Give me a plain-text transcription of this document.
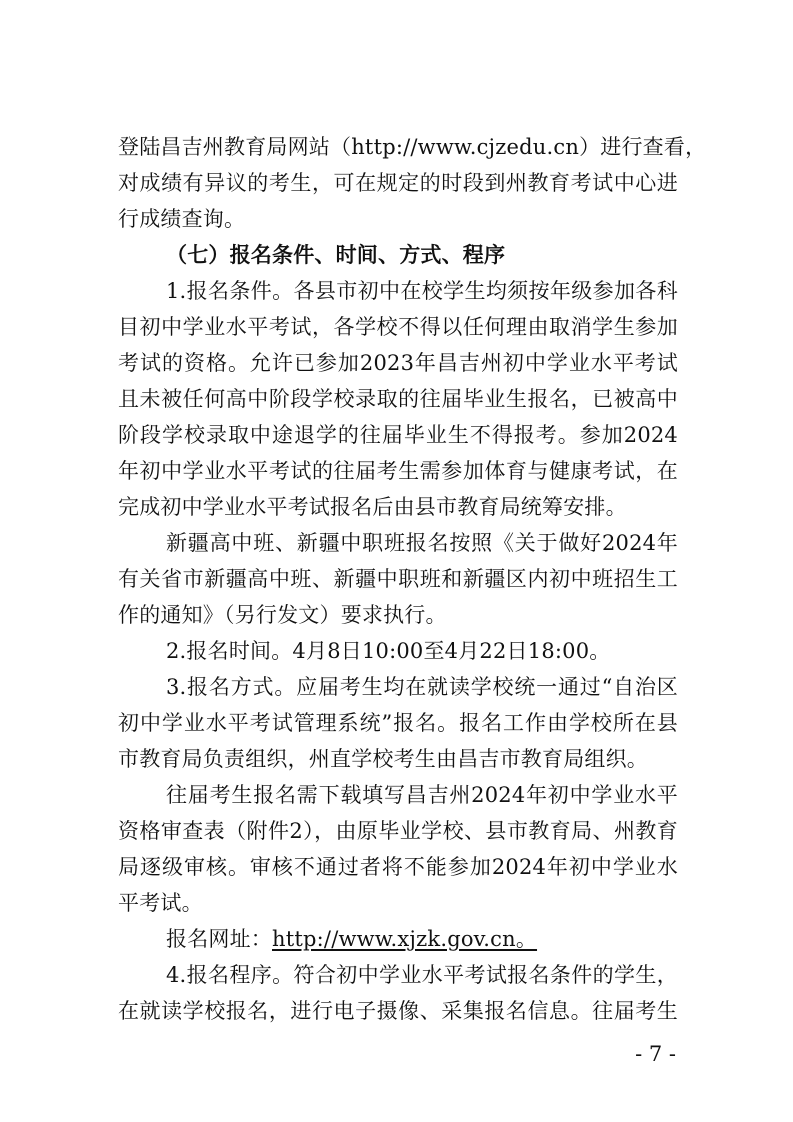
登陆昌吉州教育局网站（http://www.cjzedu.cn）进行查看，
对成绩有异议的考生，可在规定的时段到州教育考试中心进
行成绩查询。
（七）报名条件、时间、方式、程序
1.报名条件。各县市初中在校学生均须按年级参加各科
目初中学业水平考试，各学校不得以任何理由取消学生参加
考试的资格。允许已参加2023年昌吉州初中学业水平考试
且未被任何高中阶段学校录取的往届毕业生报名，已被高中
阶段学校录取中途退学的往届毕业生不得报考。参加2024
年初中学业水平考试的往届考生需参加体育与健康考试，在
完成初中学业水平考试报名后由县市教育局统筹安排。
新疆高中班、新疆中职班报名按照《关于做好2024年
有关省市新疆高中班、新疆中职班和新疆区内初中班招生工
作的通知》（另行发文）要求执行。
2.报名时间。4月8日10:00至4月22日18:00。
3.报名方式。应届考生均在就读学校统一通过“自治区
初中学业水平考试管理系统”报名。报名工作由学校所在县
市教育局负责组织，州直学校考生由昌吉市教育局组织。
往届考生报名需下载填写昌吉州2024年初中学业水平
资格审查表（附件2），由原毕业学校、县市教育局、州教育
局逐级审核。审核不通过者将不能参加2024年初中学业水
平考试。
报名网址：http://www.xjzk.gov.cn。
4.报名程序。符合初中学业水平考试报名条件的学生，
在就读学校报名，进行电子摄像、采集报名信息。往届考生
- 7 -
